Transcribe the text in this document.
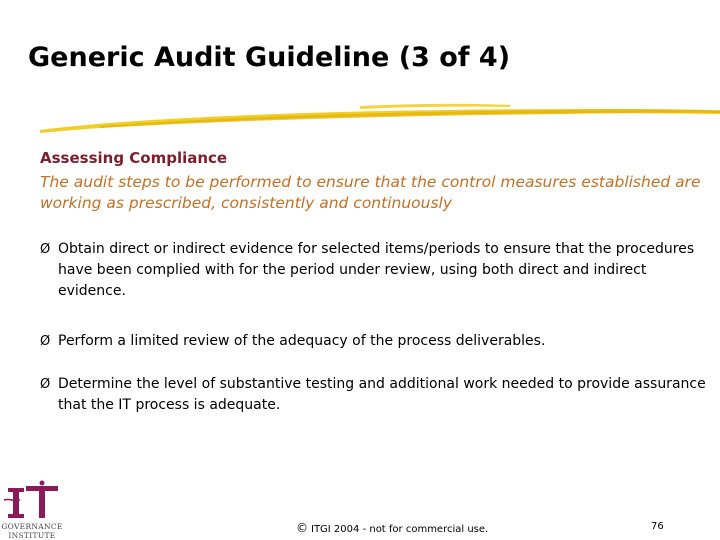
Generic Audit Guideline (3 of 4)
Assessing Compliance
The audit steps to be performed to ensure that the control measures established are working as prescribed, consistently and continuously
Ø Obtain direct or indirect evidence for selected items/periods to ensure that the procedures have been complied with for the period under review, using both direct and indirect evidence.
Ø Perform a limited review of the adequacy of the process deliverables.
Ø Determine the level of substantive testing and additional work needed to provide assurance that the IT process is adequate.
GOVERNANCE
INSTITUTE
© ITGI 2004 - not for commercial use.	76
